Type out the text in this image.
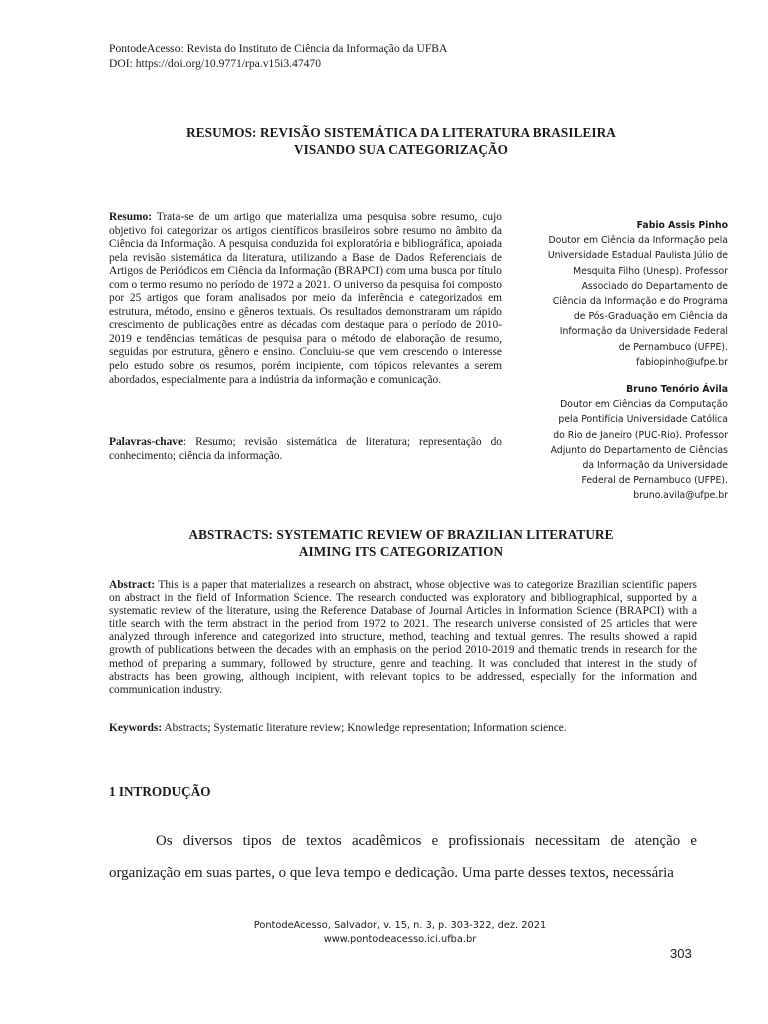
PontodeAcesso: Revista do Instituto de Ciência da Informação da UFBA
DOI: https://doi.org/10.9771/rpa.v15i3.47470
RESUMOS: REVISÃO SISTEMÁTICA DA LITERATURA BRASILEIRA
VISANDO SUA CATEGORIZAÇÃO

Resumo: Trata-se de um artigo que materializa uma pesquisa sobre resumo, cujo objetivo foi categorizar os artigos científicos brasileiros sobre resumo no âmbito da Ciência da Informação. A pesquisa conduzida foi exploratória e bibliográfica, apoiada pela revisão sistemática da literatura, utilizando a Base de Dados Referenciais de Artigos de Periódicos em Ciência da Informação (BRAPCI) com uma busca por título com o termo resumo no período de 1972 a 2021. O universo da pesquisa foi composto por 25 artigos que foram analisados por meio da inferência e categorizados em estrutura, método, ensino e gêneros textuais. Os resultados demonstraram um rápido crescimento de publicações entre as décadas com destaque para o período de 2010-2019 e tendências temáticas de pesquisa para o método de elaboração de resumo, seguidas por estrutura, gênero e ensino. Concluiu-se que vem crescendo o interesse pelo estudo sobre os resumos, porém incipiente, com tópicos relevantes a serem abordados, especialmente para a indústria da informação e comunicação.

Palavras-chave: Resumo; revisão sistemática de literatura; representação do conhecimento; ciência da informação.

Fabio Assis Pinho
Doutor em Ciência da Informação pela
Universidade Estadual Paulista Júlio de
Mesquita Filho (Unesp). Professor
Associado do Departamento de
Ciência da Informação e do Programa
de Pós-Graduação em Ciência da
Informação da Universidade Federal
de Pernambuco (UFPE).
fabiopinho@ufpe.br
Bruno Tenório Ávila
Doutor em Ciências da Computação
pela Pontifícia Universidade Católica
do Rio de Janeiro (PUC-Rio). Professor
Adjunto do Departamento de Ciências
da Informação da Universidade
Federal de Pernambuco (UFPE).
bruno.avila@ufpe.br
ABSTRACTS: SYSTEMATIC REVIEW OF BRAZILIAN LITERATURE
AIMING ITS CATEGORIZATION

Abstract: This is a paper that materializes a research on abstract, whose objective was to categorize Brazilian scientific papers on abstract in the field of Information Science. The research conducted was exploratory and bibliographical, supported by a systematic review of the literature, using the Reference Database of Journal Articles in Information Science (BRAPCI) with a title search with the term abstract in the period from 1972 to 2021. The research universe consisted of 25 articles that were analyzed through inference and categorized into structure, method, teaching and textual genres. The results showed a rapid growth of publications between the decades with an emphasis on the period 2010-2019 and thematic trends in research for the method of preparing a summary, followed by structure, genre and teaching. It was concluded that interest in the study of abstracts has been growing, although incipient, with relevant topics to be addressed, especially for the information and communication industry.

Keywords: Abstracts; Systematic literature review; Knowledge representation; Information science.
1 INTRODUÇÃO

Os diversos tipos de textos acadêmicos e profissionais necessitam de atenção e organização em suas partes, o que leva tempo e dedicação. Uma parte desses textos, necessária

PontodeAcesso, Salvador, v. 15, n. 3, p. 303-322, dez. 2021
www.pontodeacesso.ici.ufba.br
303
